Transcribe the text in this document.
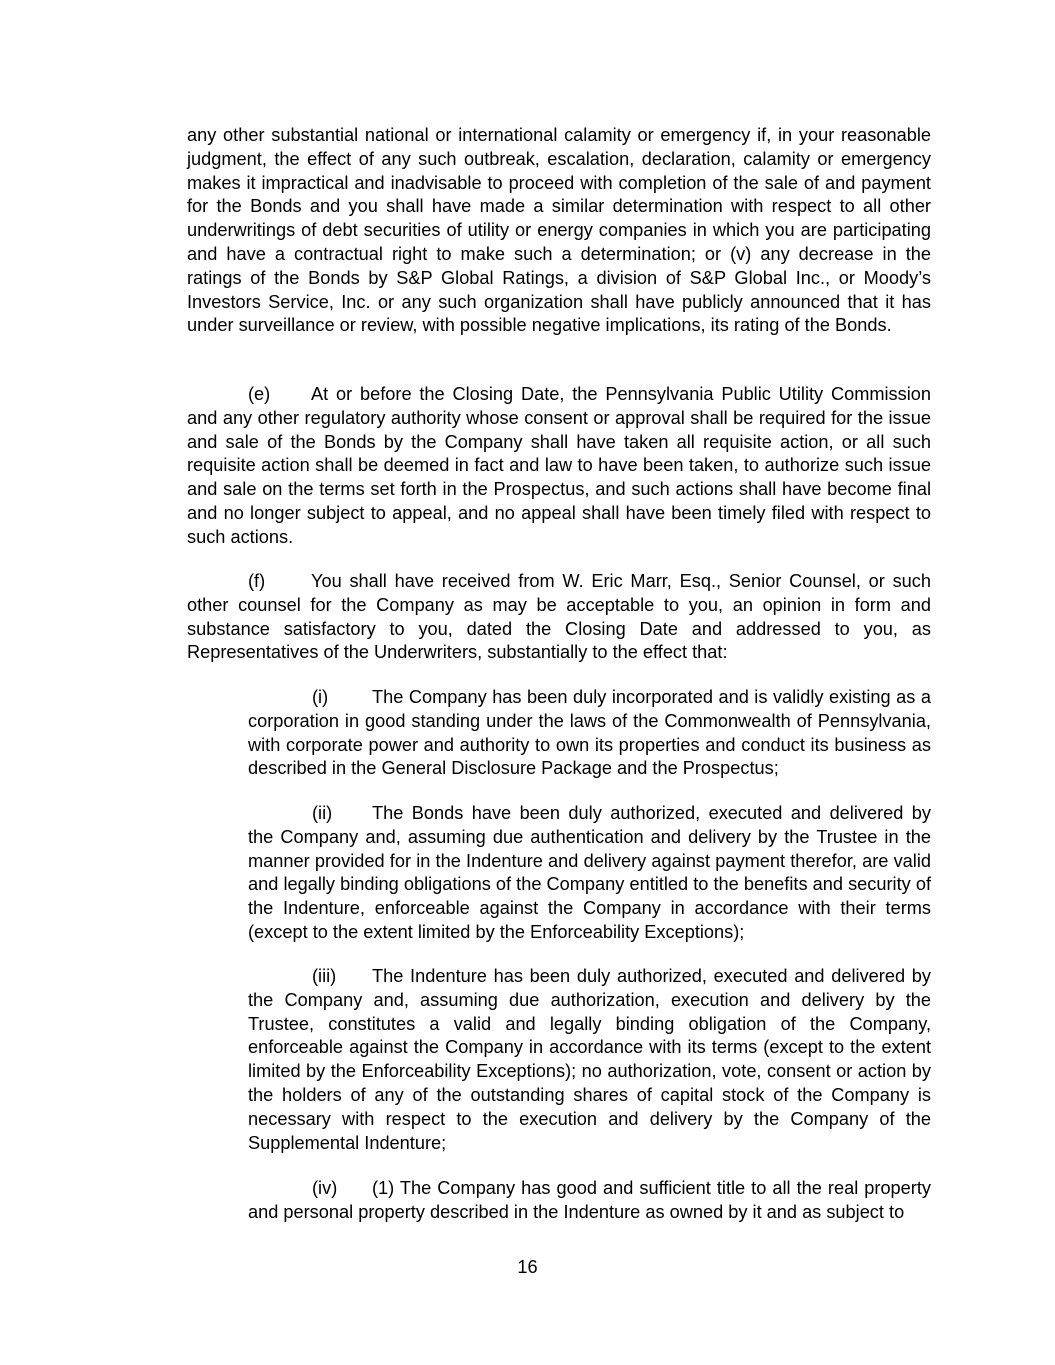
any other substantial national or international calamity or emergency if, in your reasonable judgment, the effect of any such outbreak, escalation, declaration, calamity or emergency makes it impractical and inadvisable to proceed with completion of the sale of and payment for the Bonds and you shall have made a similar determination with respect to all other underwritings of debt securities of utility or energy companies in which you are participating and have a contractual right to make such a determination; or (v) any decrease in the ratings of the Bonds by S&P Global Ratings, a division of S&P Global Inc., or Moody’s Investors Service, Inc. or any such organization shall have publicly announced that it has under surveillance or review, with possible negative implications, its rating of the Bonds.

(e) At or before the Closing Date, the Pennsylvania Public Utility Commission and any other regulatory authority whose consent or approval shall be required for the issue and sale of the Bonds by the Company shall have taken all requisite action, or all such requisite action shall be deemed in fact and law to have been taken, to authorize such issue and sale on the terms set forth in the Prospectus, and such actions shall have become final and no longer subject to appeal, and no appeal shall have been timely filed with respect to such actions.

(f)	You shall have received from W. Eric Marr, Esq., Senior Counsel, or such other counsel for the Company as may be acceptable to you, an opinion in form and substance satisfactory to you, dated the Closing Date and addressed to you, as Representatives of the Underwriters, substantially to the effect that:

(i) The Company has been duly incorporated and is validly existing as a corporation in good standing under the laws of the Commonwealth of Pennsylvania, with corporate power and authority to own its properties and conduct its business as described in the General Disclosure Package and the Prospectus;

(ii) The Bonds have been duly authorized, executed and delivered by the Company and, assuming due authentication and delivery by the Trustee in the manner provided for in the Indenture and delivery against payment therefor, are valid and legally binding obligations of the Company entitled to the benefits and security of the Indenture, enforceable against the Company in accordance with their terms (except to the extent limited by the Enforceability Exceptions);

(iii) The Indenture has been duly authorized, executed and delivered by the Company and, assuming due authorization, execution and delivery by the Trustee, constitutes a valid and legally binding obligation of the Company, enforceable against the Company in accordance with its terms (except to the extent limited by the Enforceability Exceptions); no authorization, vote, consent or action by the holders of any of the outstanding shares of capital stock of the Company is necessary with respect to the execution and delivery by the Company of the Supplemental Indenture;

(iv) (1) The Company has good and sufficient title to all the real property and personal property described in the Indenture as owned by it and as subject to

16
